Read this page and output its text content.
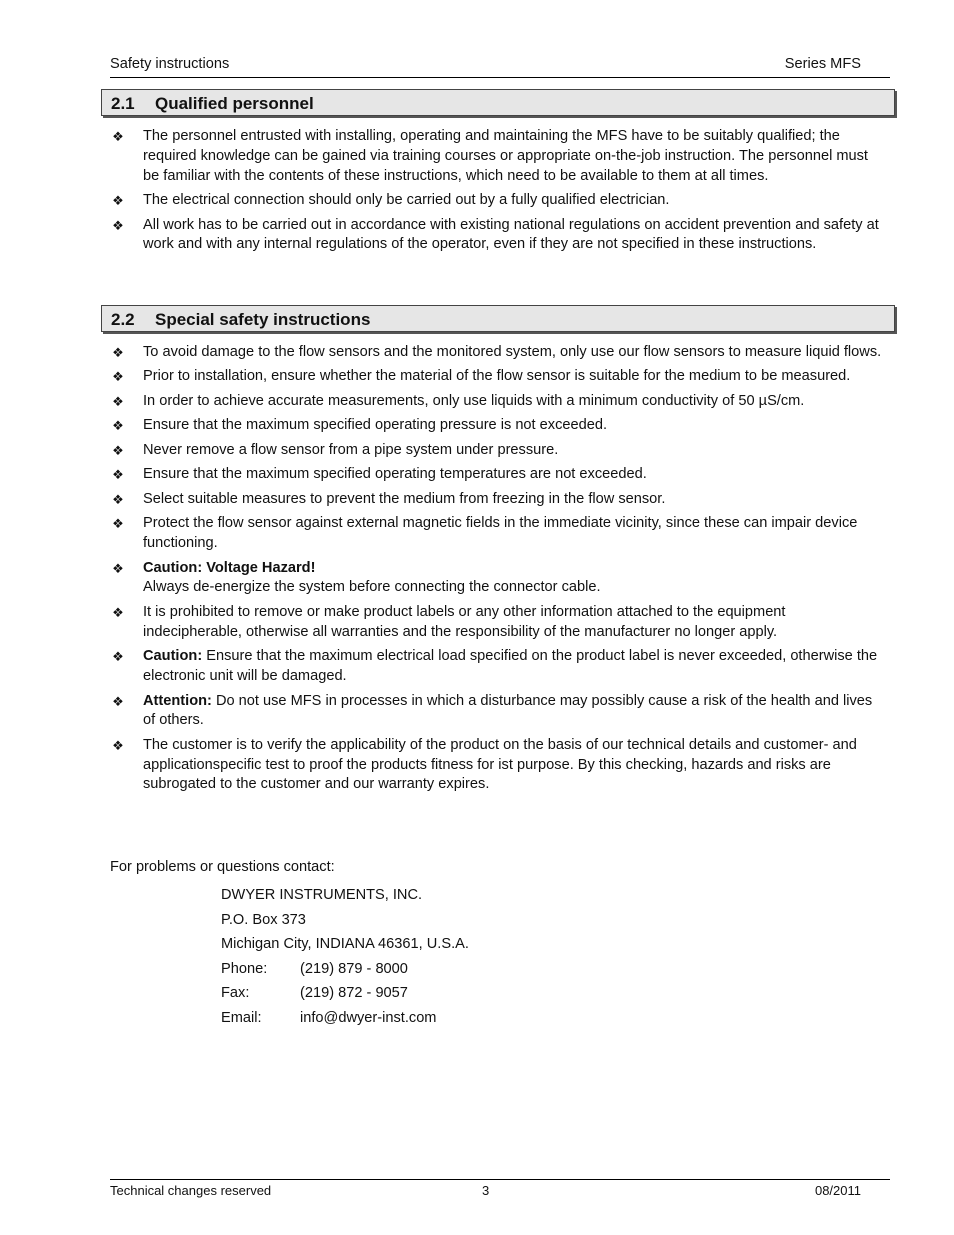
Safety instructions	Series MFS
2.1 Qualified personnel
❖ The personnel entrusted with installing, operating and maintaining the MFS have to be suitably qualified; the required knowledge can be gained via training courses or appropriate on-the-job instruction. The personnel must be familiar with the contents of these instructions, which need to be available to them at all times.
❖ The electrical connection should only be carried out by a fully qualified electrician.
❖ All work has to be carried out in accordance with existing national regulations on accident prevention and safety at work and with any internal regulations of the operator, even if they are not specified in these instructions.
2.2 Special safety instructions
❖ To avoid damage to the flow sensors and the monitored system, only use our flow sensors to measure liquid flows.
❖ Prior to installation, ensure whether the material of the flow sensor is suitable for the medium to be measured.
❖ In order to achieve accurate measurements, only use liquids with a minimum conductivity of 50 µS/cm.
❖ Ensure that the maximum specified operating pressure is not exceeded.
❖ Never remove a flow sensor from a pipe system under pressure.
❖ Ensure that the maximum specified operating temperatures are not exceeded.
❖ Select suitable measures to prevent the medium from freezing in the flow sensor.
❖ Protect the flow sensor against external magnetic fields in the immediate vicinity, since these can impair device functioning.
❖ Caution: Voltage Hazard!
Always de-energize the system before connecting the connector cable.
❖ It is prohibited to remove or make product labels or any other information attached to the equipment indecipherable, otherwise all warranties and the responsibility of the manufacturer no longer apply.
❖ Caution: Ensure that the maximum electrical load specified on the product label is never exceeded, otherwise the electronic unit will be damaged.
❖ Attention: Do not use MFS in processes in which a disturbance may possibly cause a risk of the health and lives of others.
❖ The customer is to verify the applicability of the product on the basis of our technical details and customer- and applicationspecific test to proof the products fitness for ist purpose. By this checking, hazards and risks are subrogated to the customer and our warranty expires.
For problems or questions contact:
DWYER INSTRUMENTS, INC.
P.O. Box 373
Michigan City, INDIANA 46361, U.S.A.
Phone:	(219) 879 - 8000
Fax:	(219) 872 - 9057
Email:	info@dwyer-inst.com
Technical changes reserved	3	08/2011
